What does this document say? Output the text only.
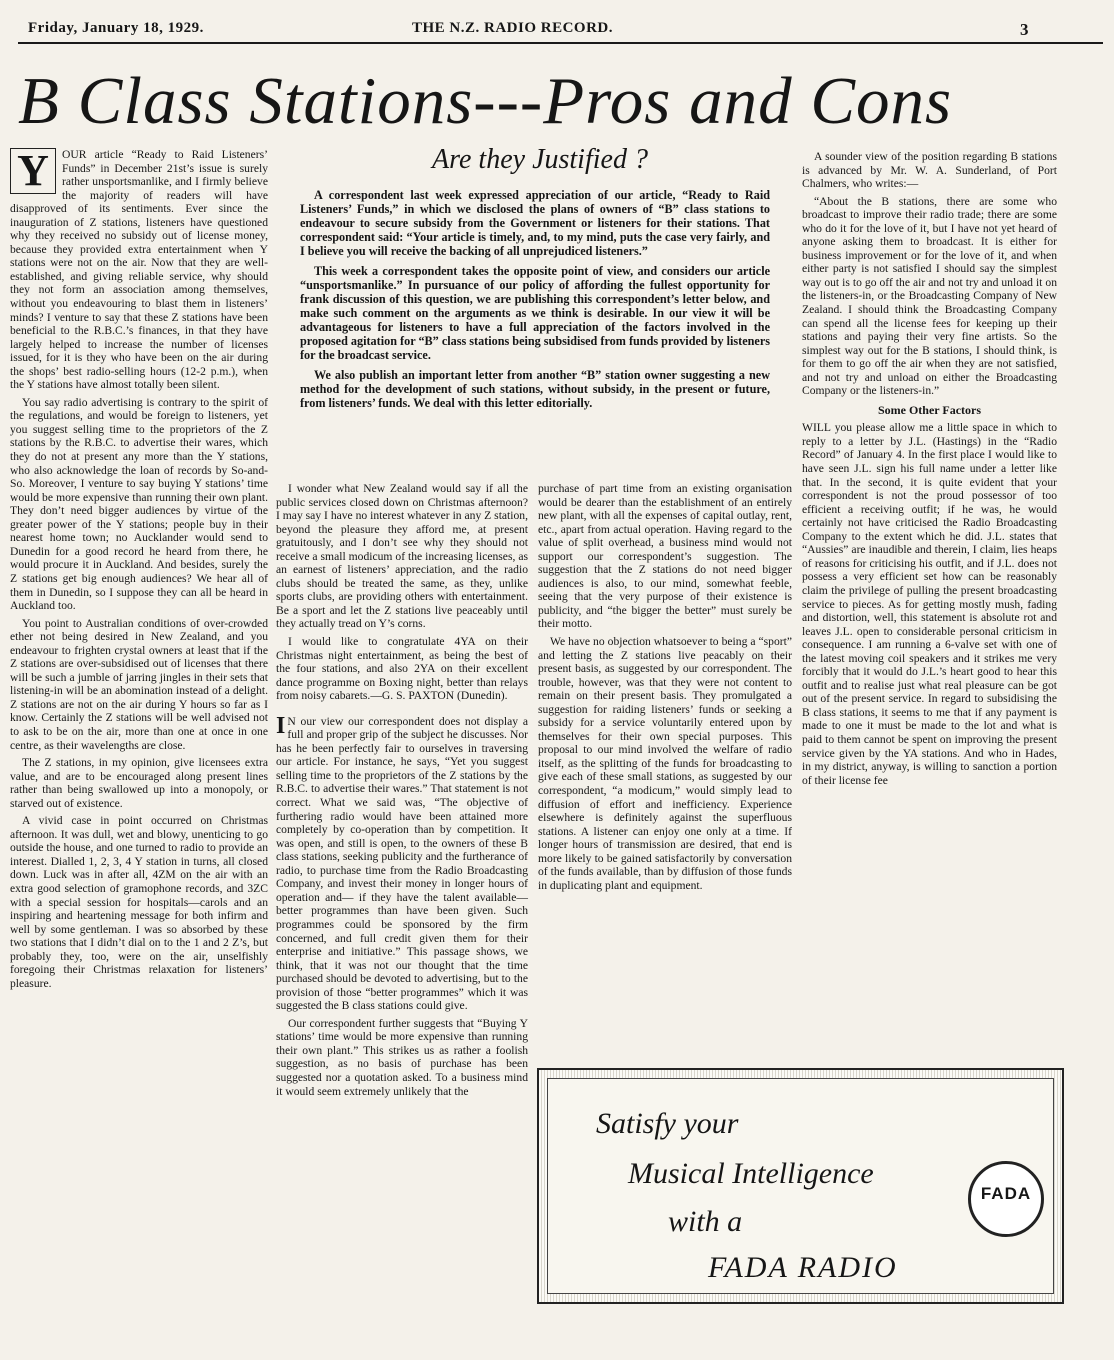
Friday, January 18, 1929.	THE N.Z. RADIO RECORD.	3
B Class Stations---Pros and Cons

Y	OUR article “Ready to Raid Listeners’ Funds” in December 21st’s issue is surely rather unsportsmanlike, and I firmly believe the majority of readers will have disapproved of its sentiments. Ever since the inauguration of Z stations, listeners have questioned why they received no subsidy out of license money, because they provided extra entertainment when Y stations were not on the air. Now that they are well-established, and giving reliable service, why should they not form an association among themselves, without you endeavouring to blast them in listeners’ minds? I venture to say that these Z stations have been beneficial to the R.B.C.’s finances, in that they have largely helped to increase the number of licenses issued, for it is they who have been on the air during the shops’ best radio-selling hours (12-2 p.m.), when the Y stations have almost totally been silent.

You say radio advertising is contrary to the spirit of the regulations, and would be foreign to listeners, yet you suggest selling time to the proprietors of the Z stations by the R.B.C. to advertise their wares, which they do not at present any more than the Y stations, who also acknowledge the loan of records by So-and-So. Moreover, I venture to say buying Y stations’ time would be more expensive than running their own plant. They don’t need bigger audiences by virtue of the greater power of the Y stations; people buy in their nearest home town; no Aucklander would send to Dunedin for a good record he heard from there, he would procure it in Auckland. And besides, surely the Z stations get big enough audiences? We hear all of them in Dunedin, so I suppose they can all be heard in Auckland too.

You point to Australian conditions of over-crowded ether not being desired in New Zealand, and you endeavour to frighten crystal owners at least that if the Z stations are over-subsidised out of licenses that there will be such a jumble of jarring jingles in their sets that listening-in will be an abomination instead of a delight. Z stations are not on the air during Y hours so far as I know. Certainly the Z stations will be well advised not to ask to be on the air, more than one at once in one centre, as their wavelengths are close.

The Z stations, in my opinion, give licensees extra value, and are to be encouraged along present lines rather than being swallowed up into a monopoly, or starved out of existence.

A vivid case in point occurred on Christmas afternoon. It was dull, wet and blowy, unenticing to go outside the house, and one turned to radio to provide an interest. Dialled 1, 2, 3, 4 Y station in turns, all closed down. Luck was in after all, 4ZM on the air with an extra good selection of gramophone records, and 3ZC with a special session for hospitals—carols and an inspiring and heartening message for both infirm and well by some gentleman. I was so absorbed by these two stations that I didn’t dial on to the 1 and 2 Z’s, but probably they, too, were on the air, unselfishly foregoing their Christmas relaxation for listeners’ pleasure.

Are they Justified ?

A correspondent last week expressed appreciation of our article, “Ready to Raid Listeners’ Funds,” in which we disclosed the plans of owners of “B” class stations to endeavour to secure subsidy from the Government or listeners for their stations. That correspondent said: “Your article is timely, and, to my mind, puts the case very fairly, and I believe you will receive the backing of all unprejudiced listeners.”

This week a correspondent takes the opposite point of view, and considers our article “unsportsmanlike.” In pursuance of our policy of affording the fullest opportunity for frank discussion of this question, we are publishing this correspondent’s letter below, and make such comment on the arguments as we think is desirable. In our view it will be advantageous for listeners to have a full appreciation of the factors involved in the proposed agitation for “B” class stations being subsidised from funds provided by listeners for the broadcast service.

We also publish an important letter from another “B” station owner suggesting a new method for the development of such stations, without subsidy, in the present or future, from listeners’ funds. We deal with this letter editorially.

I wonder what New Zealand would say if all the public services closed down on Christmas afternoon? I may say I have no interest whatever in any Z station, beyond the pleasure they afford me, at present gratuitously, and I don’t see why they should not receive a small modicum of the increasing licenses, as an earnest of listeners’ appreciation, and the radio clubs should be treated the same, as they, unlike sports clubs, are providing others with entertainment. Be a sport and let the Z stations live peaceably until they actually tread on Y’s corns.

I would like to congratulate 4YA on their Christmas night entertainment, as being the best of the four stations, and also 2YA on their excellent dance programme on Boxing night, better than relays from noisy cabarets.—G. S. PAXTON (Dunedin).

I N our view our correspondent does not display a full and proper grip of the subject he discusses. Nor has he been perfectly fair to ourselves in traversing our article. For instance, he says, “Yet you suggest selling time to the proprietors of the Z stations by the R.B.C. to advertise their wares.” That statement is not correct. What we said was, “The objective of furthering radio would have been attained more completely by co-operation than by competition. It was open, and still is open, to the owners of these B class stations, seeking publicity and the furtherance of radio, to purchase time from the Radio Broadcasting Company, and invest their money in longer hours of operation and— if they have the talent available—better programmes than have been given. Such programmes could be sponsored by the firm concerned, and full credit given them for their enterprise and initiative.” This passage shows, we think, that it was not our thought that the time purchased should be devoted to advertising, but to the provision of those “better programmes” which it was suggested the B class stations could give.

Our correspondent further suggests that “Buying Y stations’ time would be more expensive than running their own plant.” This strikes us as rather a foolish suggestion, as no basis of purchase has been suggested nor a quotation asked. To a business mind it would seem extremely unlikely that the

purchase of part time from an existing organisation would be dearer than the establishment of an entirely new plant, with all the expenses of capital outlay, rent, etc., apart from actual operation. Having regard to the value of split overhead, a business mind would not support our correspondent’s suggestion. The suggestion that the Z stations do not need bigger audiences is also, to our mind, somewhat feeble, seeing that the very purpose of their existence is publicity, and “the bigger the better” must surely be their motto.

We have no objection whatsoever to being a “sport” and letting the Z stations live peacably on their present basis, as suggested by our correspondent. The trouble, however, was that they were not content to remain on their present basis. They promulgated a suggestion for raiding listeners’ funds or seeking a subsidy for a service voluntarily entered upon by themselves for their own special purposes. This proposal to our mind involved the welfare of radio itself, as the splitting of the funds for broadcasting to give each of these small stations, as suggested by our correspondent, “a modicum,” would simply lead to diffusion of effort and inefficiency. Experience elsewhere is definitely against the superfluous stations. A listener can enjoy one only at a time. If longer hours of transmission are desired, that end is more likely to be gained satisfactorily by conversation of the funds available, than by diffusion of those funds in duplicating plant and equipment.

A sounder view of the position regarding B stations is advanced by Mr. W. A. Sunderland, of Port Chalmers, who writes:—

“About the B stations, there are some who broadcast to improve their radio trade; there are some who do it for the love of it, but I have not yet heard of anyone asking them to broadcast. It is either for business improvement or for the love of it, and when either party is not satisfied I should say the simplest way out is to go off the air and not try and unload it on the listeners-in, or the Broadcasting Company of New Zealand. I should think the Broadcasting Company can spend all the license fees for keeping up their stations and paying their very fine artists. So the simplest way out for the B stations, I should think, is for them to go off the air when they are not satisfied, and not try and unload on either the Broadcasting Company or the listeners-in.”

Some Other Factors

WILL you please allow me a little space in which to reply to a letter by J.L. (Hastings) in the “Radio Record” of January 4. In the first place I would like to have seen J.L. sign his full name under a letter like that. In the second, it is quite evident that your correspondent is not the proud possessor of too efficient a receiving outfit; if he was, he would certainly not have criticised the Radio Broadcasting Company to the extent which he did. J.L. states that “Aussies” are inaudible and therein, I claim, lies heaps of reasons for criticising his outfit, and if J.L. does not possess a very efficient set how can be reasonably claim the privilege of pulling the present broadcasting service to pieces. As for getting mostly mush, fading and distortion, well, this statement is absolute rot and leaves J.L. open to considerable personal criticism in consequence. I am running a 6-valve set with one of the latest moving coil speakers and it strikes me very forcibly that it would do J.L.’s heart good to hear this outfit and to realise just what real pleasure can be got out of the present service. In regard to subsidising the B class stations, it seems to me that if any payment is made to one it must be made to the lot and what is paid to them cannot be spent on improving the present service given by the YA stations. And who in Hades, in my district, anyway, is willing to sanction a portion of their license fee

Satisfy your
Musical Intelligence
with a
FADA RADIO
FADA
